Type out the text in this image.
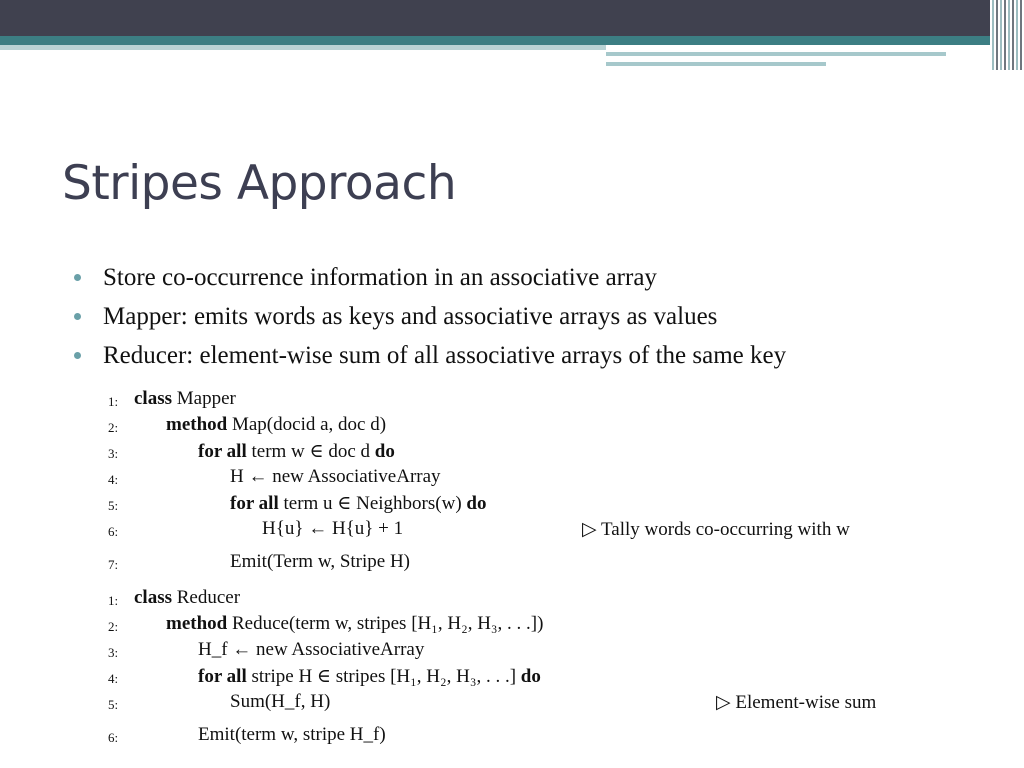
Stripes Approach
Store co-occurrence information in an associative array
Mapper: emits words as keys and associative arrays as values
Reducer: element-wise sum of all associative arrays of the same key
1: class Mapper
2:	method Map(docid a, doc d)
3:	for all term w ∈ doc d do
4:	H ← new AssociativeArray
5:	for all term u ∈ Neighbors(w) do
6:	H{u} ← H{u} + 1	▷ Tally words co-occurring with w
7:	Emit(Term w, Stripe H)
1: class Reducer
2:	method Reduce(term w, stripes [H₁, H₂, H₃, . . .])
3:	H_f ← new AssociativeArray
4:	for all stripe H ∈ stripes [H₁, H₂, H₃, . . .] do
5:	Sum(H_f, H)	▷ Element-wise sum
6:	Emit(term w, stripe H_f)
